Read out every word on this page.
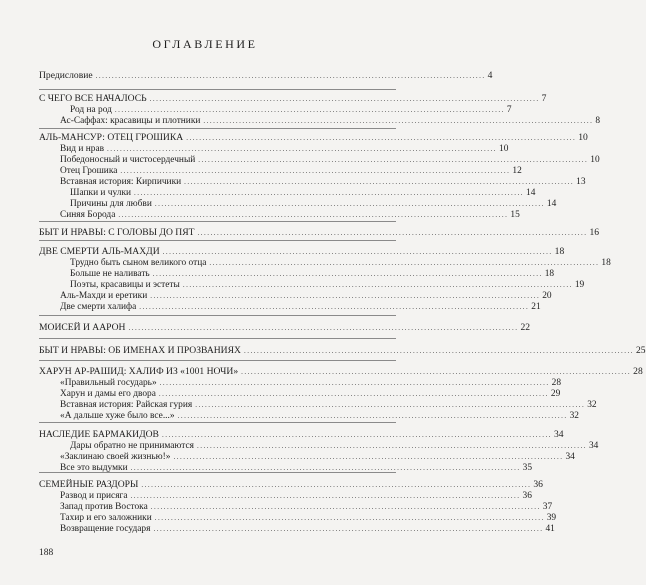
ОГЛАВЛЕНИЕ
Предисловие ........................................................................................................................ 4
С ЧЕГО ВСЕ НАЧАЛОСЬ ........................................................................................................................ 7
Род на род ........................................................................................................................ 7
Ас-Саффах: красавицы и плотники ........................................................................................................................ 8
АЛЬ-МАНСУР: ОТЕЦ ГРОШИКА ........................................................................................................................ 10
Вид и нрав ........................................................................................................................ 10
Победоносный и чистосердечный ........................................................................................................................ 10
Отец Грошика ........................................................................................................................ 12
Вставная история: Кирпичики ........................................................................................................................ 13
Шапки и чулки ........................................................................................................................ 14
Причины для любви ........................................................................................................................ 14
Синяя Борода ........................................................................................................................ 15
БЫТ И НРАВЫ: С ГОЛОВЫ ДО ПЯТ ........................................................................................................................ 16
ДВЕ СМЕРТИ АЛЬ-МАХДИ ........................................................................................................................ 18
Трудно быть сыном великого отца ........................................................................................................................ 18
Больше не наливать ........................................................................................................................ 18
Поэты, красавицы и эстеты ........................................................................................................................ 19
Аль-Махди и еретики ........................................................................................................................ 20
Две смерти халифа ........................................................................................................................ 21
МОИСЕЙ И ААРОН ........................................................................................................................ 22
БЫТ И НРАВЫ: ОБ ИМЕНАХ И ПРОЗВАНИЯХ ........................................................................................................................ 25
ХАРУН АР-РАШИД: ХАЛИФ ИЗ «1001 НОЧИ» ........................................................................................................................ 28
«Правильный государь» ........................................................................................................................ 28
Харун и дамы его двора ........................................................................................................................ 29
Вставная история: Райская гурия ........................................................................................................................ 32
«А дальше хуже было все...» ........................................................................................................................ 32
НАСЛЕДИЕ БАРМАКИДОВ ........................................................................................................................ 34
Дары обратно не принимаются ........................................................................................................................ 34
«Заклинаю своей жизнью!» ........................................................................................................................ 34
Все это выдумки ........................................................................................................................ 35
СЕМЕЙНЫЕ РАЗДОРЫ ........................................................................................................................ 36
Развод и присяга ........................................................................................................................ 36
Запад против Востока ........................................................................................................................ 37
Тахир и его заложники ........................................................................................................................ 39
Возвращение государя ........................................................................................................................ 41
188
